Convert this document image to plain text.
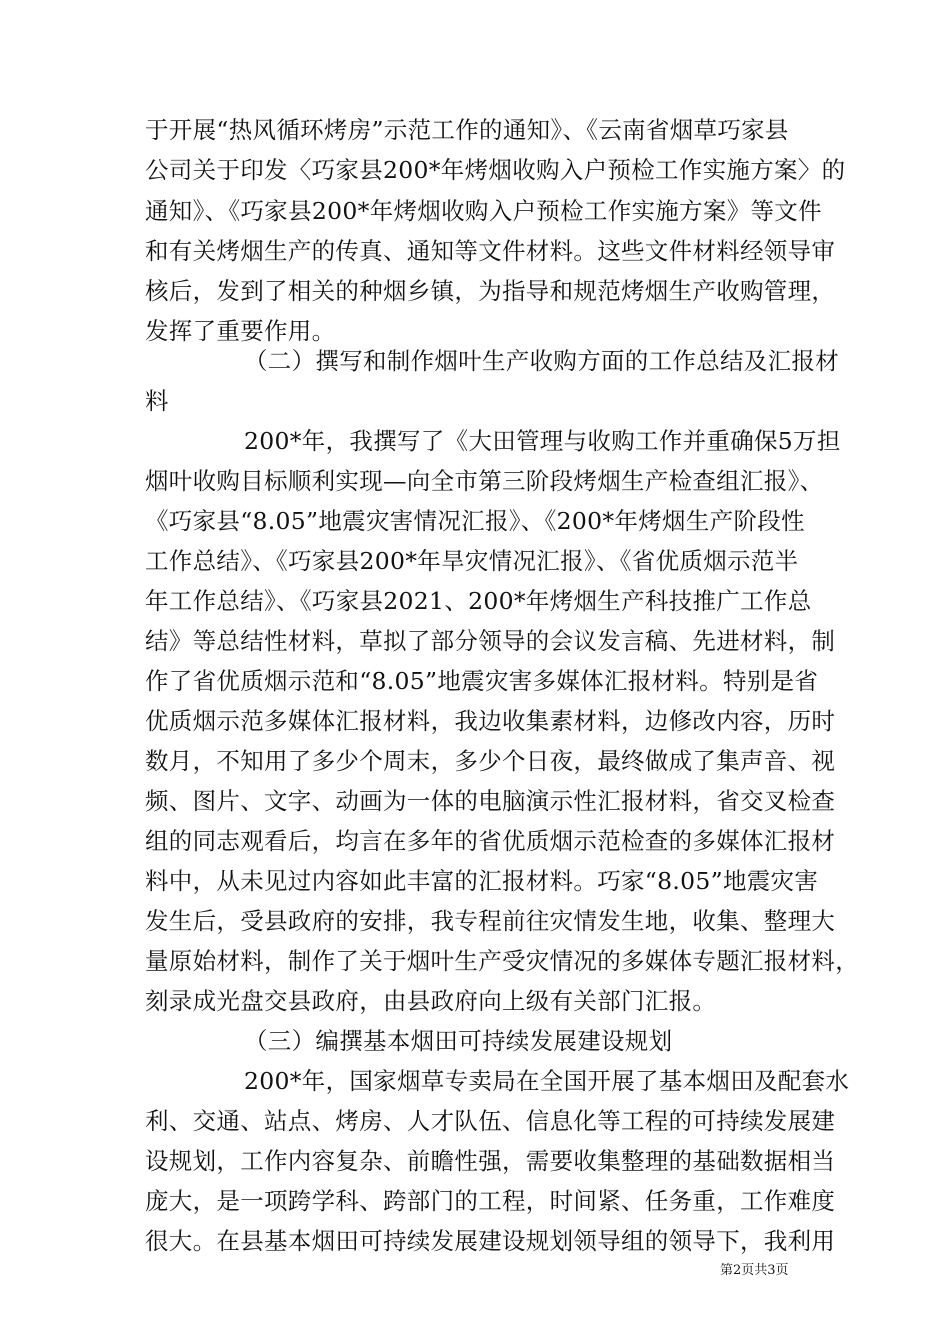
于开展“热风循环烤房”示范工作的通知》、《云南省烟草巧家县
公司关于印发〈巧家县200*年烤烟收购入户预检工作实施方案〉的
通知》、《巧家县200*年烤烟收购入户预检工作实施方案》等文件
和有关烤烟生产的传真、通知等文件材料。这些文件材料经领导审
核后，发到了相关的种烟乡镇，为指导和规范烤烟生产收购管理，
发挥了重要作用。
（二）撰写和制作烟叶生产收购方面的工作总结及汇报材
料
200*年，我撰写了《大田管理与收购工作并重确保5万担
烟叶收购目标顺利实现—向全市第三阶段烤烟生产检查组汇报》、
《巧家县“8.05”地震灾害情况汇报》、《200*年烤烟生产阶段性
工作总结》、《巧家县200*年旱灾情况汇报》、《省优质烟示范半
年工作总结》、《巧家县2021、200*年烤烟生产科技推广工作总
结》等总结性材料，草拟了部分领导的会议发言稿、先进材料，制
作了省优质烟示范和“8.05”地震灾害多媒体汇报材料。特别是省
优质烟示范多媒体汇报材料，我边收集素材料，边修改内容，历时
数月，不知用了多少个周末，多少个日夜，最终做成了集声音、视
频、图片、文字、动画为一体的电脑演示性汇报材料，省交叉检查
组的同志观看后，均言在多年的省优质烟示范检查的多媒体汇报材
料中，从未见过内容如此丰富的汇报材料。巧家“8.05”地震灾害
发生后，受县政府的安排，我专程前往灾情发生地，收集、整理大
量原始材料，制作了关于烟叶生产受灾情况的多媒体专题汇报材料，
刻录成光盘交县政府，由县政府向上级有关部门汇报。
（三）编撰基本烟田可持续发展建设规划
200*年，国家烟草专卖局在全国开展了基本烟田及配套水
利、交通、站点、烤房、人才队伍、信息化等工程的可持续发展建
设规划，工作内容复杂、前瞻性强，需要收集整理的基础数据相当
庞大，是一项跨学科、跨部门的工程，时间紧、任务重，工作难度
很大。在县基本烟田可持续发展建设规划领导组的领导下，我利用
第2页共3页
